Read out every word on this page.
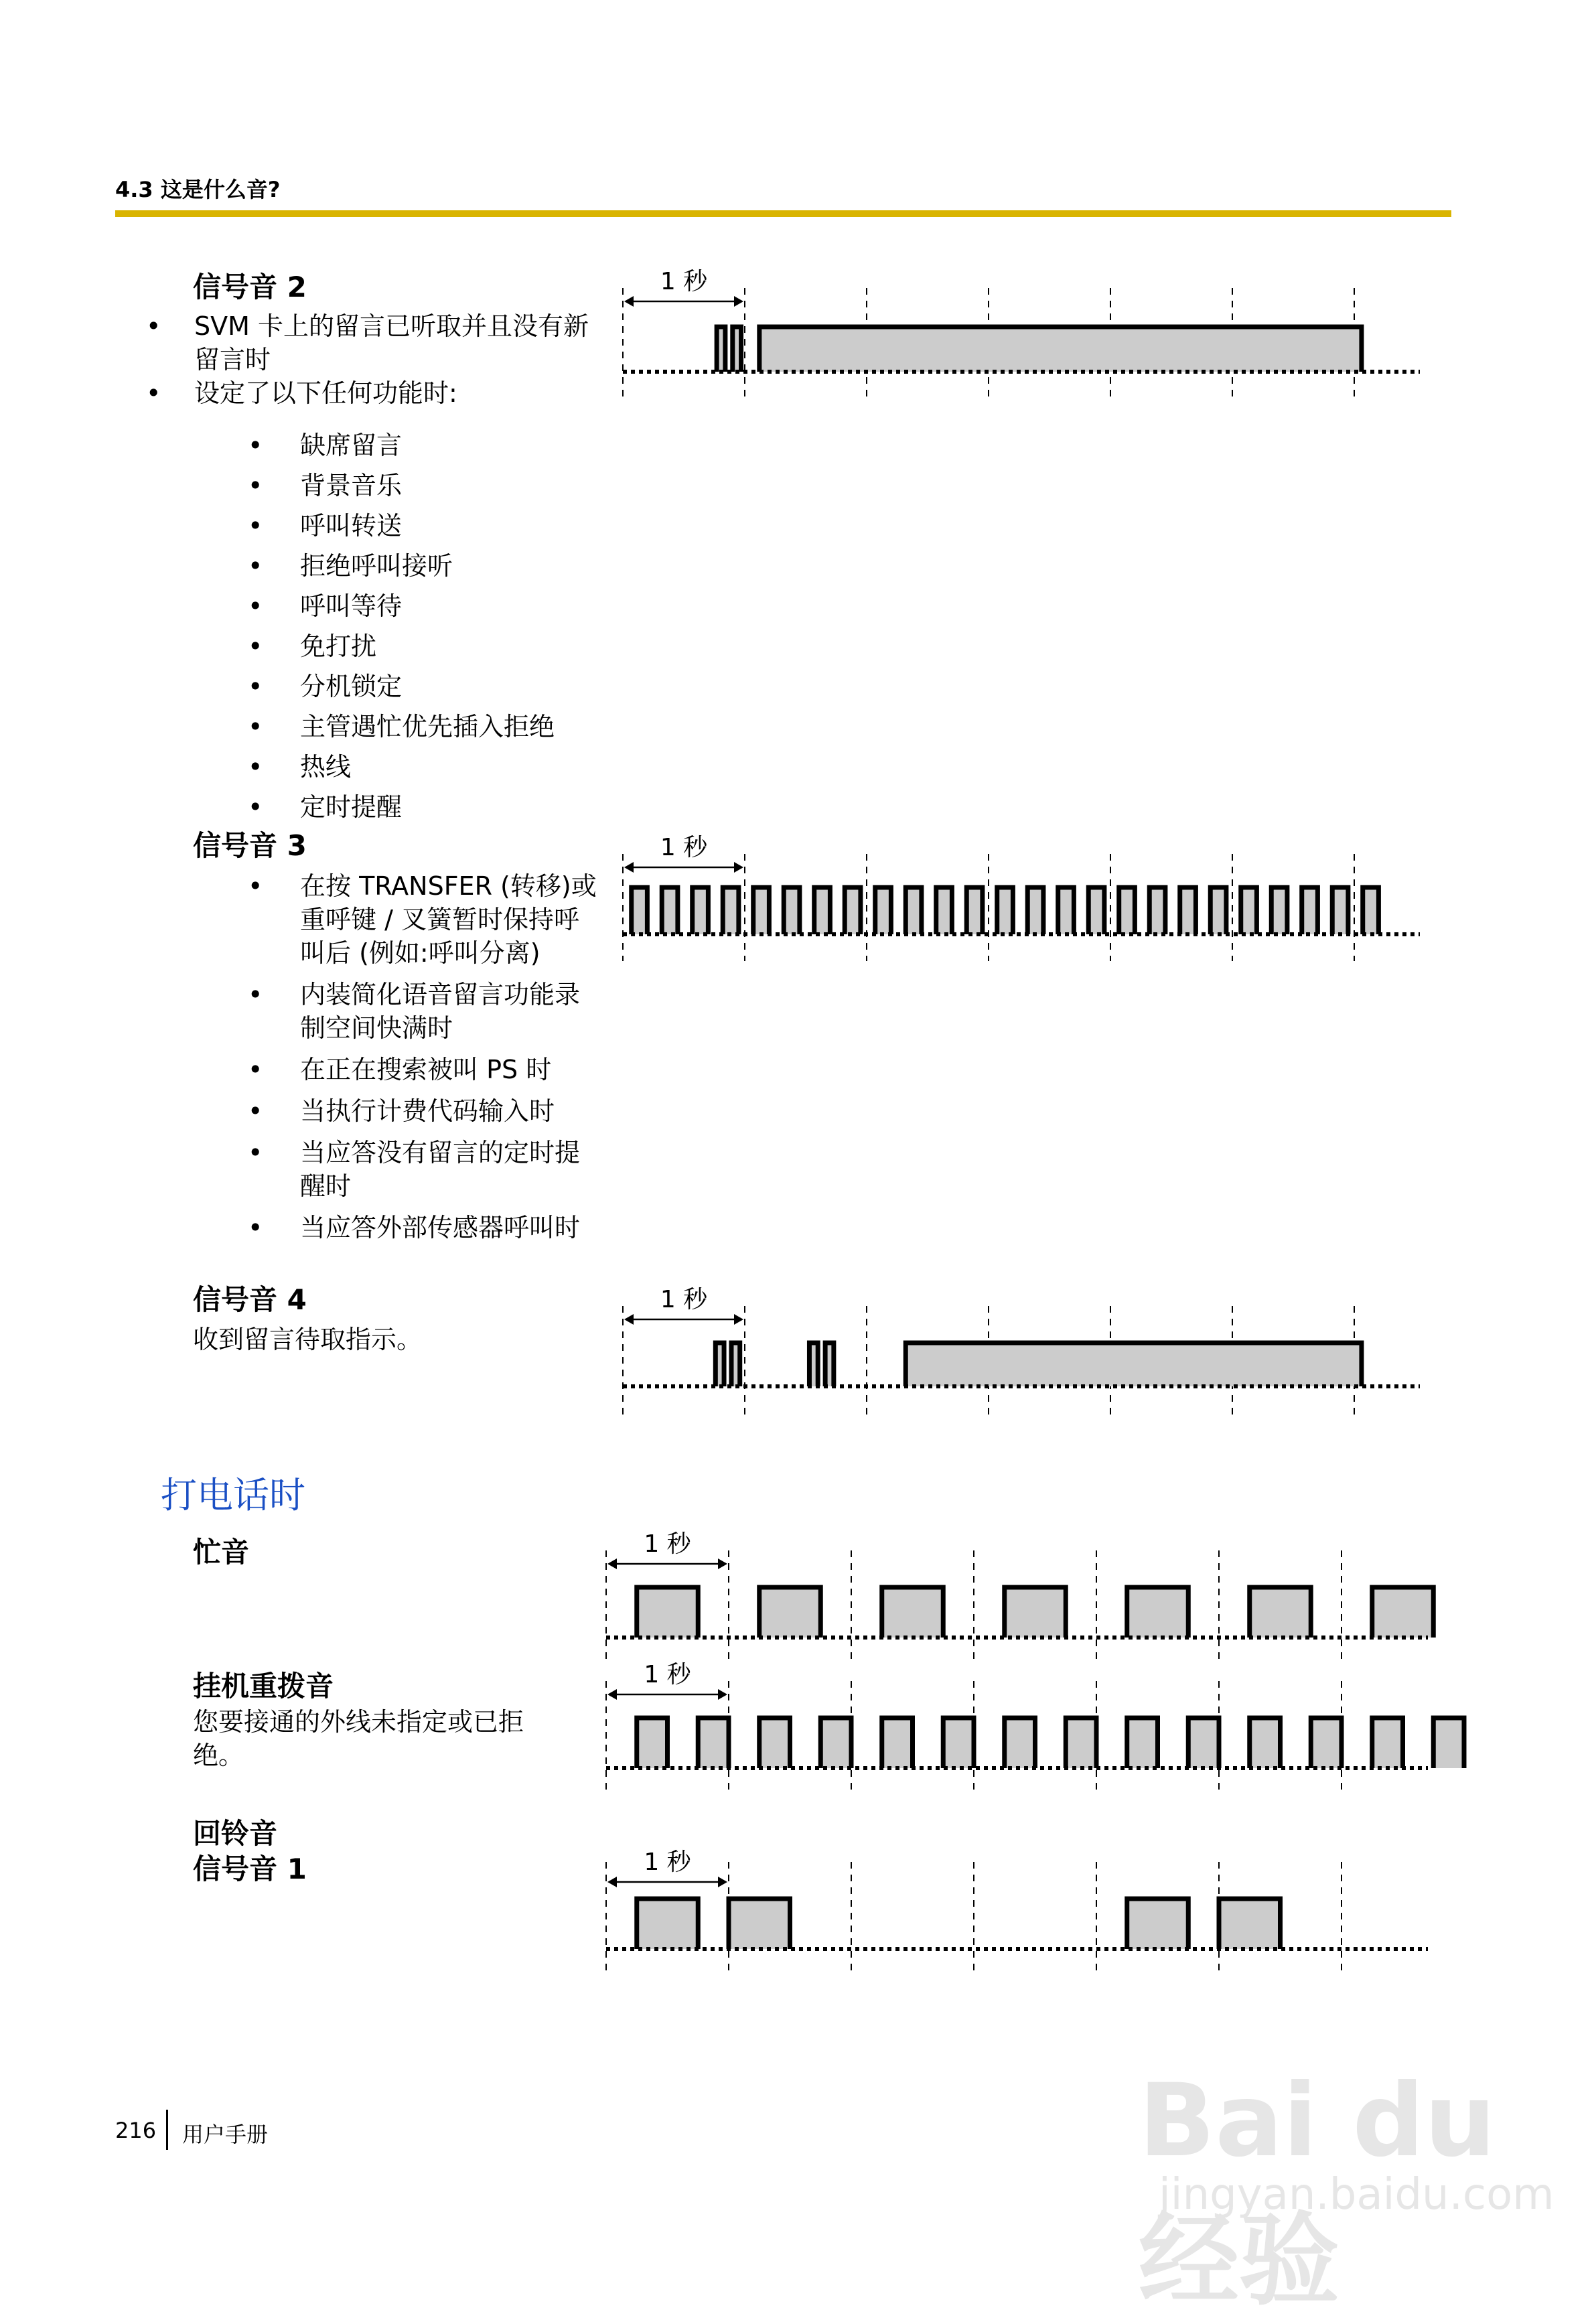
4.3 这是什么音?
信号音 2
• SVM 卡上的留言已听取并且没有新留言时
• 设定了以下任何功能时:
• 缺席留言
• 背景音乐
• 呼叫转送
• 拒绝呼叫接听
• 呼叫等待
• 免打扰
• 分机锁定
• 主管遇忙优先插入拒绝
• 热线
• 定时提醒
信号音 3
• 在按 TRANSFER (转移)或重呼键 / 叉簧暂时保持呼叫后 (例如:呼叫分离)
• 内装简化语音留言功能录制空间快满时
• 在正在搜索被叫 PS 时
• 当执行计费代码输入时
• 当应答没有留言的定时提醒时
• 当应答外部传感器呼叫时
信号音 4
收到留言待取指示。
打电话时
忙音
挂机重拨音
您要接通的外线未指定或已拒绝。
回铃音
信号音 1
1 秒
1 秒
1 秒
1 秒
1 秒
1 秒
216 用户手册	Bai du 经验
jingyan.baidu.com
